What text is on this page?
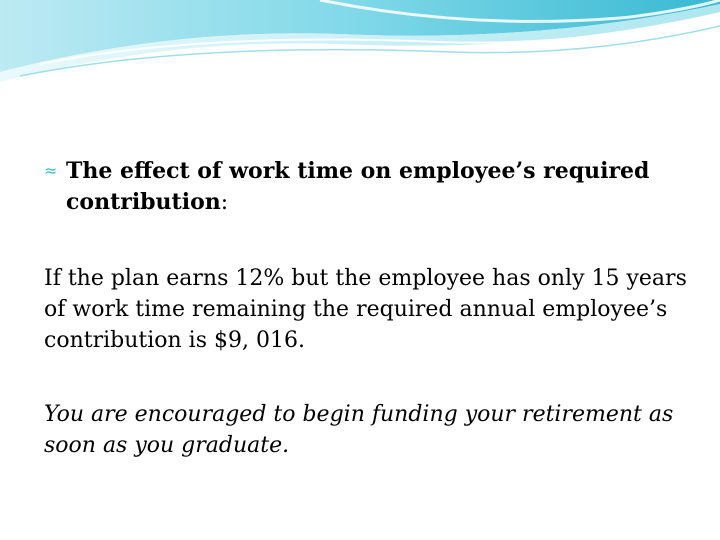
≈ The effect of work time on employee’s required
contribution:
If the plan earns 12% but the employee has only 15 years
of work time remaining the required annual employee’s
contribution is $9, 016.
You are encouraged to begin funding your retirement as
soon as you graduate.
